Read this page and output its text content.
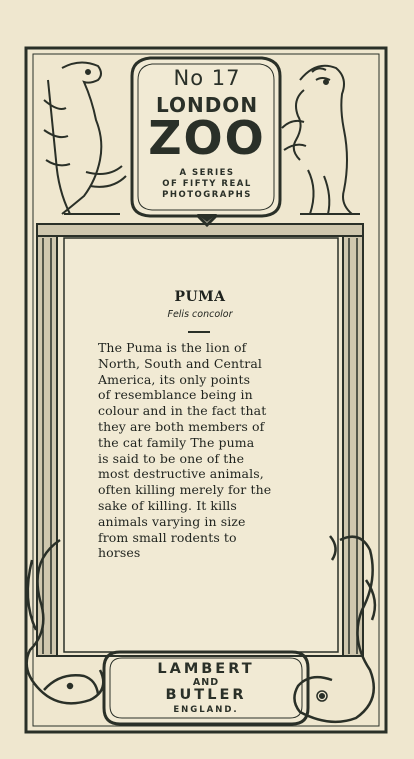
No 17
LONDON
ZOO
A SERIES
OF FIFTY REAL
PHOTOGRAPHS
PUMA
Felis concolor
The Puma is the lion of
North, South and Central
America, its only points
of resemblance being in
colour and in the fact that
they are both members of
the cat family The puma
is said to be one of the
most destructive animals,
often killing merely for the
sake of killing. It kills
animals varying in size
from small rodents to
horses
LAMBERT
AND
BUTLER
ENGLAND.
